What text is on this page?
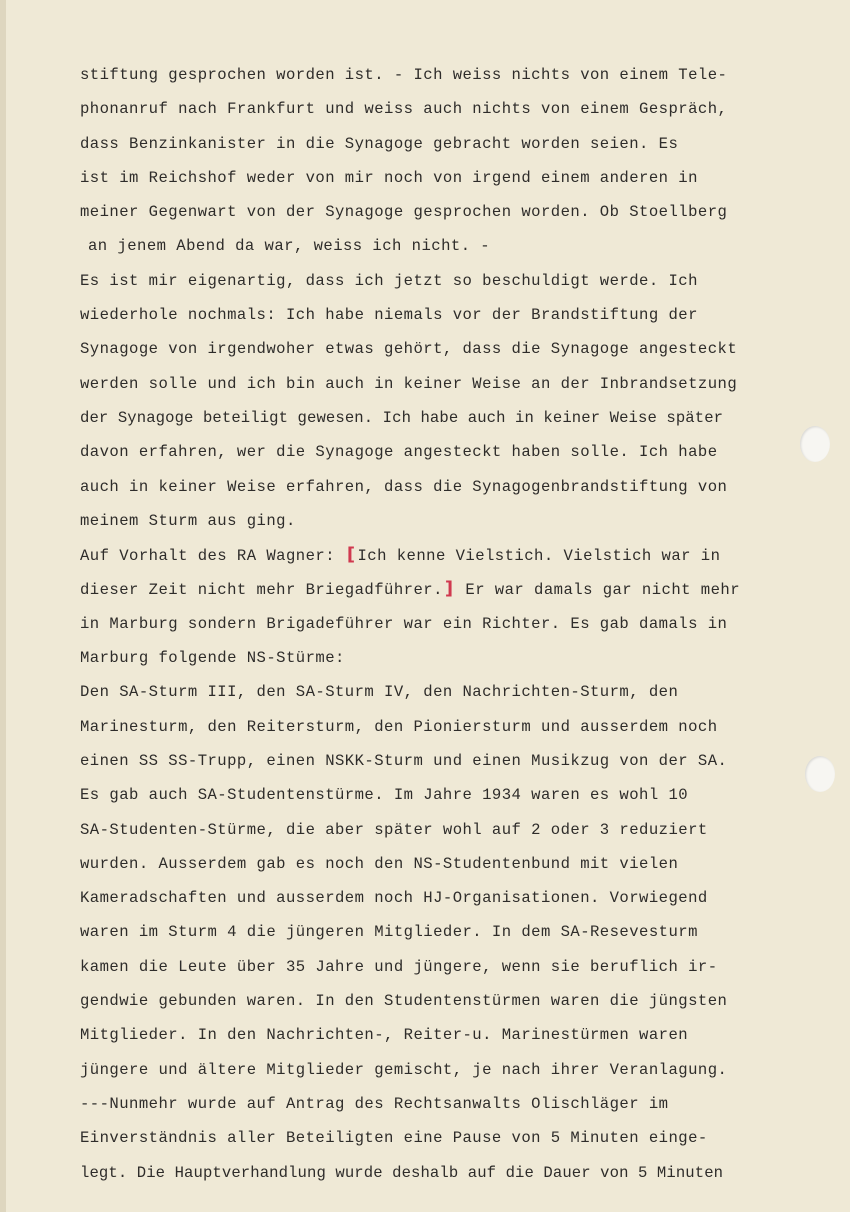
stiftung gesprochen worden ist. - Ich weiss nichts von einem Tele-
phonanruf nach Frankfurt und weiss auch nichts von einem Gespräch,
dass Benzinkanister in die Synagoge gebracht worden seien. Es
ist im Reichshof weder von mir noch von irgend einem anderen in
meiner Gegenwart von der Synagoge gesprochen worden. Ob Stoellberg
an jenem Abend da war, weiss ich nicht. -
Es ist mir eigenartig, dass ich jetzt so beschuldigt werde. Ich
wiederhole nochmals: Ich habe niemals vor der Brandstiftung der
Synagoge von irgendwoher etwas gehört, dass die Synagoge angesteckt
werden solle und ich bin auch in keiner Weise an der Inbrandsetzung
der Synagoge beteiligt gewesen. Ich habe auch in keiner Weise später
davon erfahren, wer die Synagoge angesteckt haben solle. Ich habe
auch in keiner Weise erfahren, dass die Synagogenbrandstiftung von
meinem Sturm aus ging.
Auf Vorhalt des RA Wagner: [ Ich kenne Vielstich. Vielstich war in
dieser Zeit nicht mehr Briegadführer. ] Er war damals gar nicht mehr
in Marburg sondern Brigadeführer war ein Richter. Es gab damals in
Marburg folgende NS-Stürme:
Den SA-Sturm III, den SA-Sturm IV, den Nachrichten-Sturm, den
Marinesturm, den Reitersturm, den Pioniersturm und ausserdem noch
einen SS SS-Trupp, einen NSKK-Sturm und einen Musikzug von der SA.
Es gab auch SA-Studentenstürme. Im Jahre 1934 waren es wohl 10
SA-Studenten-Stürme, die aber später wohl auf 2 oder 3 reduziert
wurden. Ausserdem gab es noch den NS-Studentenbund mit vielen
Kameradschaften und ausserdem noch HJ-Organisationen. Vorwiegend
waren im Sturm 4 die jüngeren Mitglieder. In dem SA-Resevesturm
kamen die Leute über 35 Jahre und jüngere, wenn sie beruflich ir-
gendwie gebunden waren. In den Studentenstürmen waren die jüngsten
Mitglieder. In den Nachrichten-, Reiter-u. Marinestürmen waren
jüngere und ältere Mitglieder gemischt, je nach ihrer Veranlagung.
---Nunmehr wurde auf Antrag des Rechtsanwalts Olischläger im
Einverständnis aller Beteiligten eine Pause von 5 Minuten einge-
legt. Die Hauptverhandlung wurde deshalb auf die Dauer von 5 Minuten
